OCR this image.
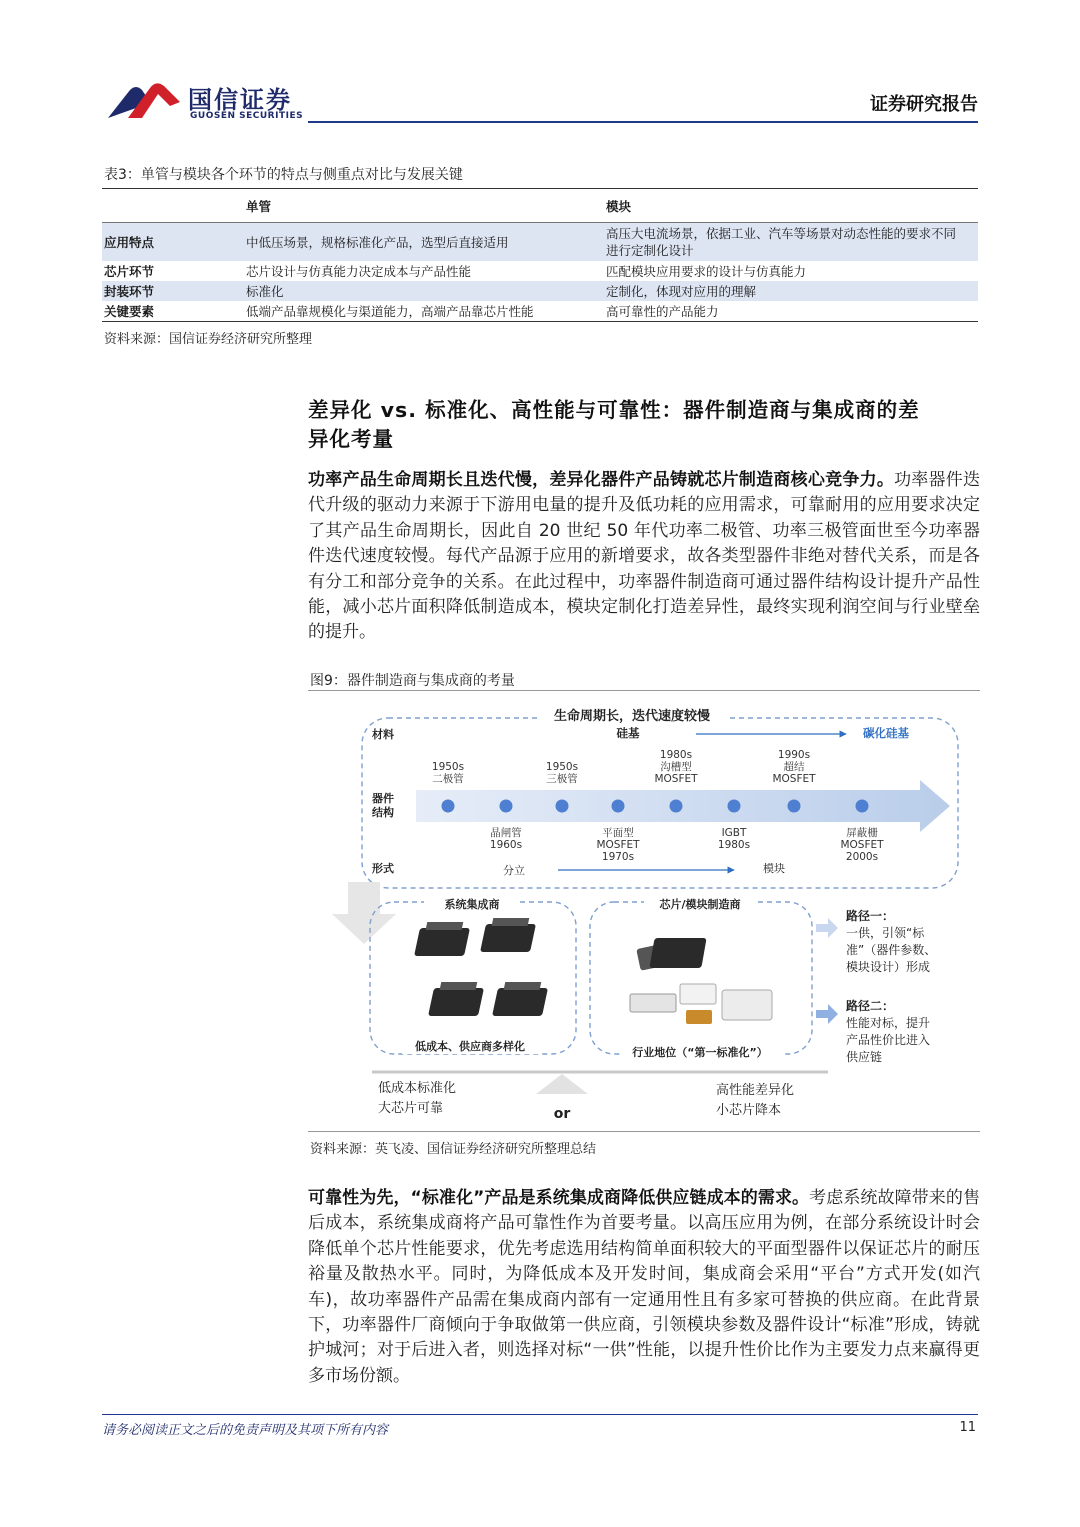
国信证券
GUOSEN SECURITIES
证券研究报告
表3：单管与模块各个环节的特点与侧重点对比与发展关键
	单管	模块
应用特点	中低压场景，规格标准化产品，选型后直接适用	高压大电流场景，依据工业、汽车等场景对动态性能的要求不同
进行定制化设计

芯片环节	芯片设计与仿真能力决定成本与产品性能	匹配模块应用要求的设计与仿真能力
封装环节	标准化	定制化，体现对应用的理解
关键要素	低端产品靠规模化与渠道能力，高端产品靠芯片性能	高可靠性的产品能力
资料来源：国信证券经济研究所整理
差异化 vs. 标准化、高性能与可靠性：器件制造商与集成商的差
异化考量
功率产品生命周期长且迭代慢，差异化器件产品铸就芯片制造商核心竞争力。功率器件迭代升级的驱动力来源于下游用电量的提升及低功耗的应用需求，可靠耐用的应用要求决定了其产品生命周期长，因此自 20 世纪 50 年代功率二极管、功率三极管面世至今功率器件迭代速度较慢。每代产品源于应用的新增要求，故各类型器件非绝对替代关系，而是各有分工和部分竞争的关系。在此过程中，功率器件制造商可通过器件结构设计提升产品性能，减小芯片面积降低制造成本，模块定制化打造差异性，最终实现利润空间与行业壁垒的提升。
图9：器件制造商与集成商的考量
生命周期长，迭代速度较慢
材料	硅基	碳化硅基
1950s
二极管
1950s
三极管
1980s
沟槽型
MOSFET
1990s
超结
MOSFET
器件
结构
晶闸管
1960s
平面型
MOSFET
1970s
IGBT
1980s
屏蔽栅
MOSFET
2000s
形式	分立	模块
系统集成商
低成本、供应商多样化
芯片/模块制造商
行业地位（“第一标准化”）
路径一：
一供，引领“标
准”（器件参数、
模块设计）形成
路径二：
性能对标，提升
产品性价比进入
供应链
低成本标准化
大芯片可靠	or
高性能差异化
小芯片降本
资料来源：英飞凌、国信证券经济研究所整理总结
可靠性为先，“标准化”产品是系统集成商降低供应链成本的需求。考虑系统故障带来的售后成本，系统集成商将产品可靠性作为首要考量。以高压应用为例，在部分系统设计时会降低单个芯片性能要求，优先考虑选用结构简单面积较大的平面型器件以保证芯片的耐压裕量及散热水平。同时，为降低成本及开发时间，集成商会采用“平台”方式开发(如汽车)，故功率器件产品需在集成商内部有一定通用性且有多家可替换的供应商。在此背景下，功率器件厂商倾向于争取做第一供应商，引领模块参数及器件设计“标准”形成，铸就护城河；对于后进入者，则选择对标“一供”性能，以提升性价比作为主要发力点来赢得更多市场份额。
请务必阅读正文之后的免责声明及其项下所有内容	11
